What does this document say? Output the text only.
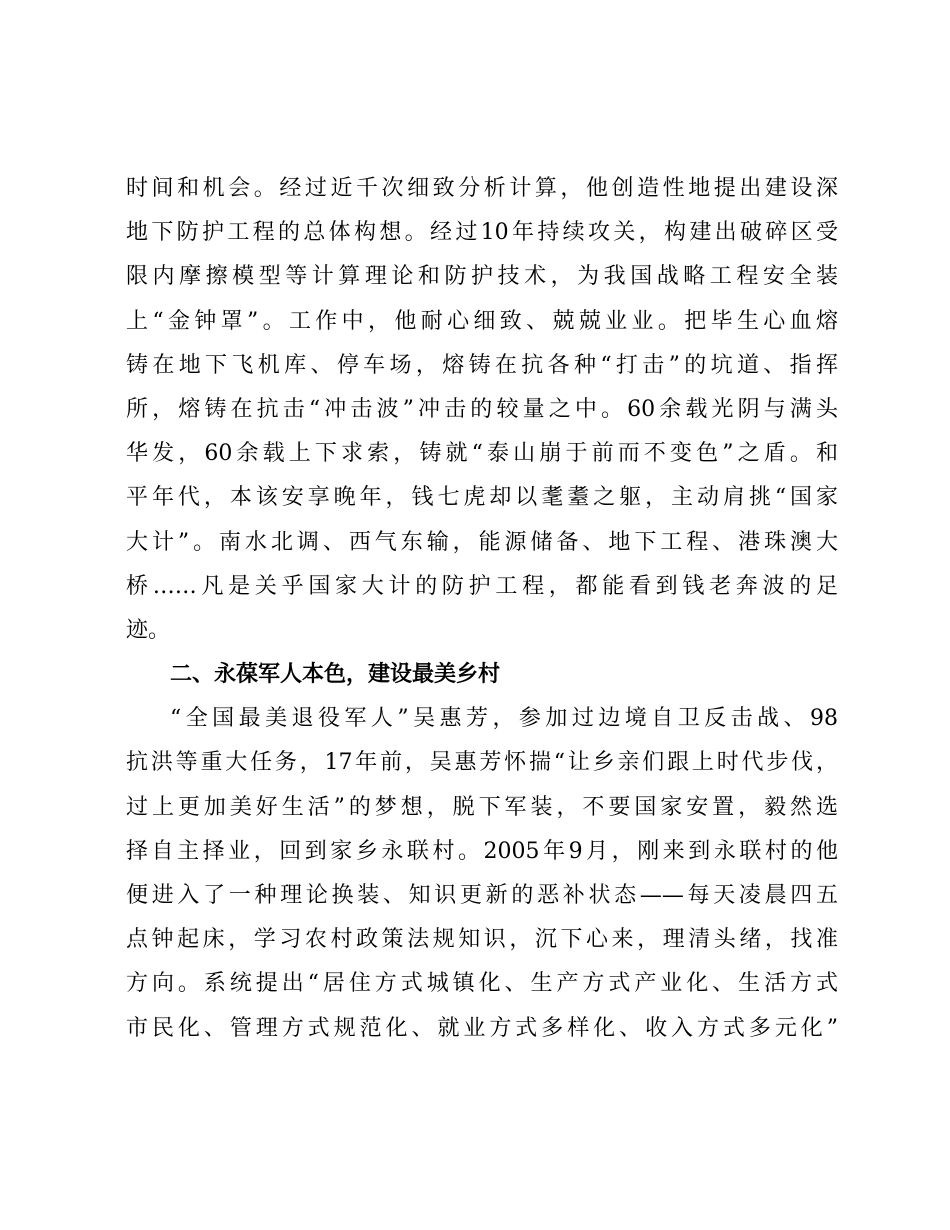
时间和机会。经过近千次细致分析计算，他创造性地提出建设深
地下防护工程的总体构想。经过10年持续攻关，构建出破碎区受
限内摩擦模型等计算理论和防护技术，为我国战略工程安全装
上“金钟罩”。工作中，他耐心细致、兢兢业业。把毕生心血熔
铸在地下飞机库、停车场，熔铸在抗各种“打击”的坑道、指挥
所，熔铸在抗击“冲击波”冲击的较量之中。60余载光阴与满头
华发，60余载上下求索，铸就“泰山崩于前而不变色”之盾。和
平年代，本该安享晚年，钱七虎却以耄耋之躯，主动肩挑“国家
大计”。南水北调、西气东输，能源储备、地下工程、港珠澳大
桥……凡是关乎国家大计的防护工程，都能看到钱老奔波的足
迹。
二、永葆军人本色，建设最美乡村
“全国最美退役军人”吴惠芳，参加过边境自卫反击战、98
抗洪等重大任务，17年前，吴惠芳怀揣“让乡亲们跟上时代步伐，
过上更加美好生活”的梦想，脱下军装，不要国家安置，毅然选
择自主择业，回到家乡永联村。2005年9月，刚来到永联村的他
便进入了一种理论换装、知识更新的恶补状态——每天凌晨四五
点钟起床，学习农村政策法规知识，沉下心来，理清头绪，找准
方向。系统提出“居住方式城镇化、生产方式产业化、生活方式
市民化、管理方式规范化、就业方式多样化、收入方式多元化”
